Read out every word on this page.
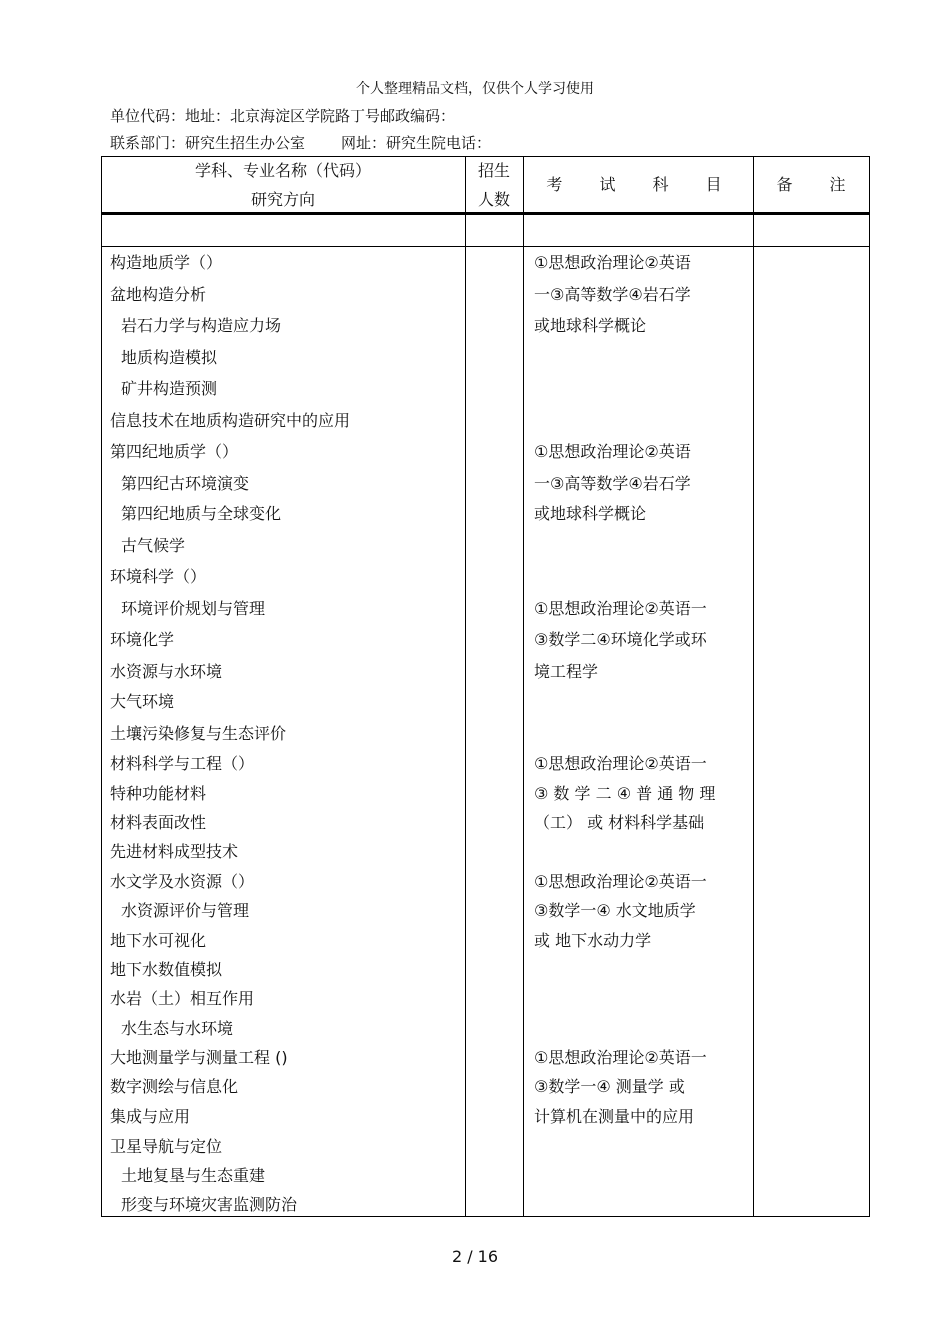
个人整理精品文档，仅供个人学习使用
单位代码：地址：北京海淀区学院路丁号邮政编码：
联系部门：研究生招生办公室 网址：研究生院电话：
学科、专业名称（代码）
研究方向
招生
人数
考 试 科 目	备 注
构造地质学（）
盆地构造分析
岩石力学与构造应力场
地质构造模拟
矿井构造预测
信息技术在地质构造研究中的应用
第四纪地质学（）
第四纪古环境演变
第四纪地质与全球变化
古气候学
环境科学（）
环境评价规划与管理
环境化学
水资源与水环境
大气环境
土壤污染修复与生态评价
材料科学与工程（）
特种功能材料
材料表面改性
先进材料成型技术
水文学及水资源（）
水资源评价与管理
地下水可视化
地下水数值模拟
水岩（土）相互作用
水生态与水环境
大地测量学与测量工程 ()
数字测绘与信息化
集成与应用
卫星导航与定位
土地复垦与生态重建
形变与环境灾害监测防治
①思想政治理论②英语
一③高等数学④岩石学
或地球科学概论
①思想政治理论②英语
一③高等数学④岩石学
或地球科学概论
①思想政治理论②英语一
③数学二④环境化学或环
境工程学
①思想政治理论②英语一
③ 数 学 二 ④ 普 通 物 理
（工） 或 材料科学基础
①思想政治理论②英语一
③数学一④ 水文地质学
或 地下水动力学
①思想政治理论②英语一
③数学一④ 测量学 或
计算机在测量中的应用
2 / 16
